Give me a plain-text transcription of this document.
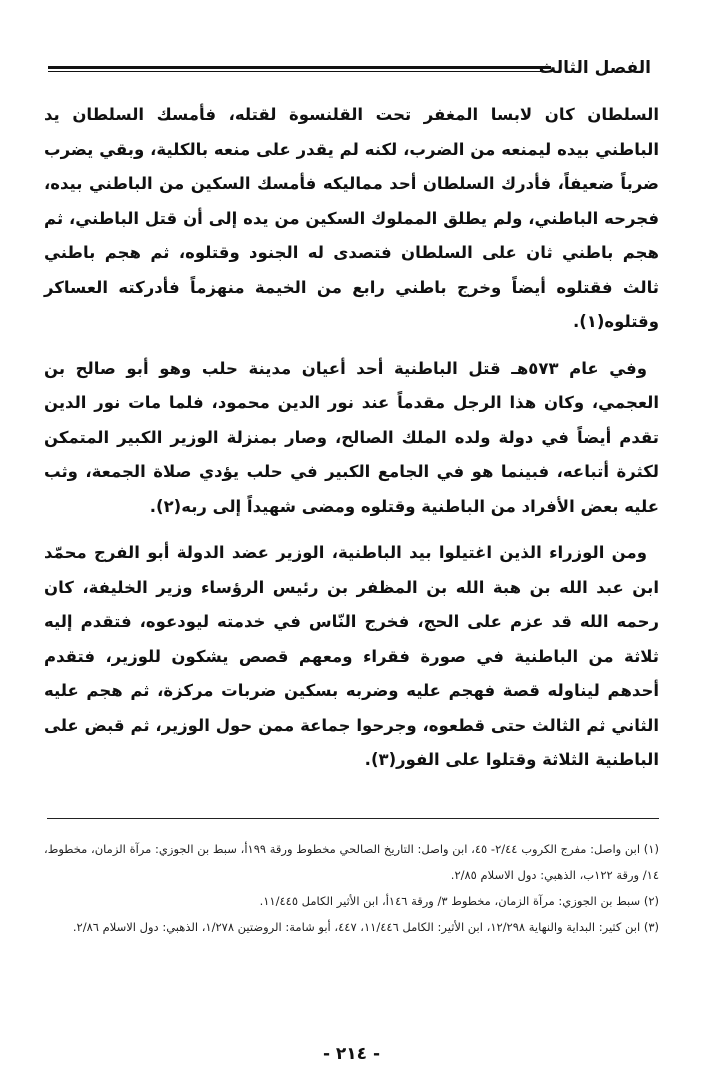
الفصل الثالث

السلطان كان لابسا المغفر تحت القلنسوة لقتله، فأمسك السلطان يد الباطني بيده ليمنعه من الضرب، لكنه لم يقدر على منعه بالكلية، وبقي يضرب ضرباً ضعيفاً، فأدرك السلطان أحد مماليكه فأمسك السكين من الباطني بيده، فجرحه الباطني، ولم يطلق المملوك السكين من يده إلى أن قتل الباطني، ثم هجم باطني ثان على السلطان فتصدى له الجنود وقتلوه، ثم هجم باطني ثالث فقتلوه أيضاً وخرج باطني رابع من الخيمة منهزماً فأدركته العساكر وقتلوه(١).

وفي عام ٥٧٣هـ قتل الباطنية أحد أعيان مدينة حلب وهو أبو صالح بن العجمي، وكان هذا الرجل مقدماً عند نور الدين محمود، فلما مات نور الدين تقدم أيضاً في دولة ولده الملك الصالح، وصار بمنزلة الوزير الكبير المتمكن لكثرة أتباعه، فبينما هو في الجامع الكبير في حلب يؤدي صلاة الجمعة، وثب عليه بعض الأفراد من الباطنية وقتلوه ومضى شهيداً إلى ربه(٢).

ومن الوزراء الذين اغتيلوا بيد الباطنية، الوزير عضد الدولة أبو الفرج محمّد ابن عبد الله بن هبة الله بن المظفر بن رئيس الرؤساء وزير الخليفة، كان رحمه الله قد عزم على الحج، فخرج النّاس في خدمته ليودعوه، فتقدم إليه ثلاثة من الباطنية في صورة فقراء ومعهم قصص يشكون للوزير، فتقدم أحدهم ليناوله قصة فهجم عليه وضربه بسكين ضربات مركزة، ثم هجم عليه الثاني ثم الثالث حتى قطعوه، وجرحوا جماعة ممن حول الوزير، ثم قبض على الباطنية الثلاثة وقتلوا على الفور(٣).

(١) ابن واصل: مفرج الكروب ٢/٤٤- ٤٥، ابن واصل: التاريخ الصالحي مخطوط ورقة ١٩٩أ، سبط بن الجوزي: مرآة الزمان، مخطوط، ١٤/ ورقة ١٢٢ب، الذهبي: دول الاسلام ٢/٨٥.
(٢) سبط بن الجوزي: مرآة الزمان، مخطوط ٣/ ورقة ١٤٦أ، ابن الأثير الكامل ١١/٤٤٥.
(٣) ابن كثير: البداية والنهاية ١٢/٢٩٨، ابن الأثير: الكامل ١١/٤٤٦، ٤٤٧، أبو شامة: الروضتين ١/٢٧٨، الذهبي: دول الاسلام ٢/٨٦.
- ٢١٤ -
